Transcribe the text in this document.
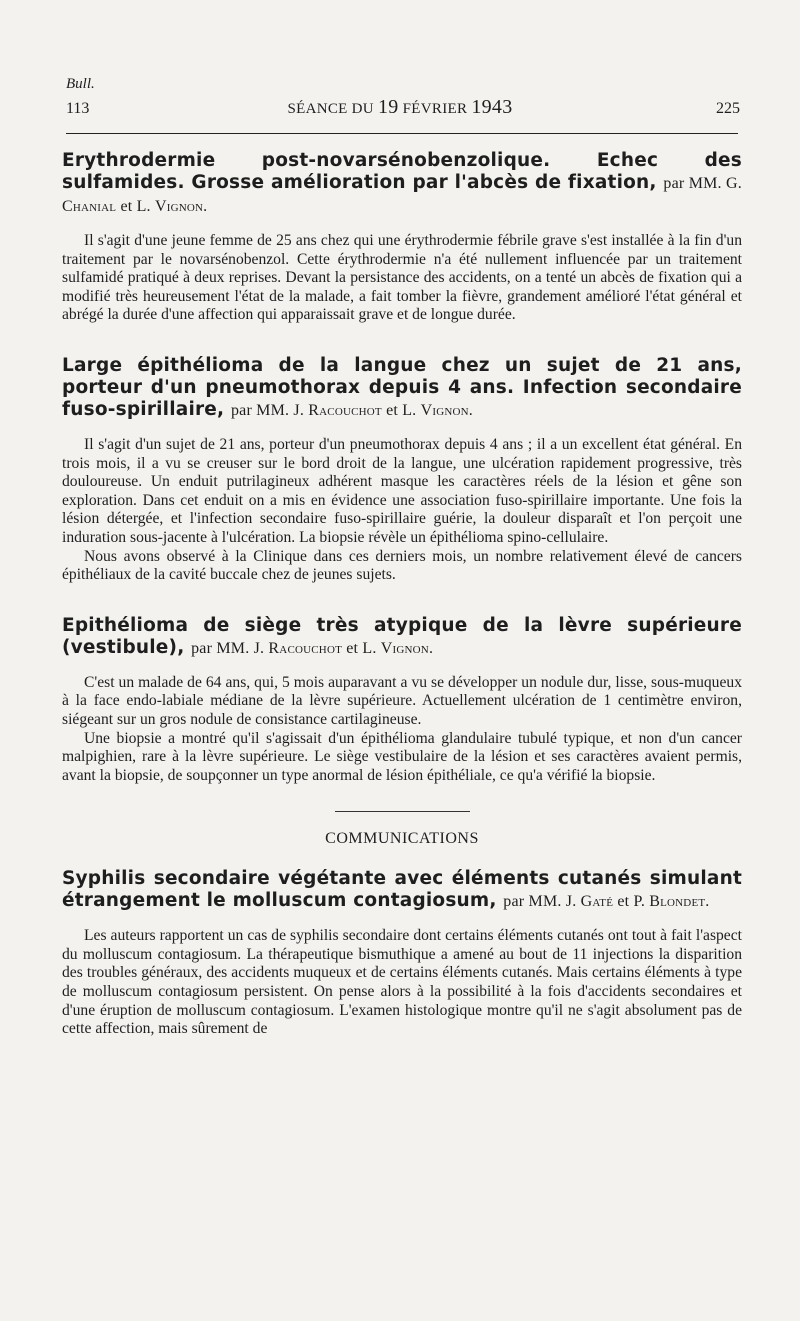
Bull.
113	SÉANCE DU 19 FÉVRIER 1943	225
Erythrodermie post-novarsénobenzolique. Echec des sulfamides. Grosse amélioration par l'abcès de fixation, par MM. G. Chanial et L. Vignon.

Il s'agit d'une jeune femme de 25 ans chez qui une érythrodermie fébrile grave s'est installée à la fin d'un traitement par le novarsénobenzol. Cette érythrodermie n'a été nullement influencée par un traitement sulfamidé pratiqué à deux reprises. Devant la persistance des accidents, on a tenté un abcès de fixation qui a modifié très heureusement l'état de la malade, a fait tomber la fièvre, grandement amélioré l'état général et abrégé la durée d'une affection qui apparaissait grave et de longue durée.

Large épithélioma de la langue chez un sujet de 21 ans, porteur d'un pneumothorax depuis 4 ans. Infection secondaire fuso-spirillaire, par MM. J. Racouchot et L. Vignon.

Il s'agit d'un sujet de 21 ans, porteur d'un pneumothorax depuis 4 ans ; il a un excellent état général. En trois mois, il a vu se creuser sur le bord droit de la langue, une ulcération rapidement progressive, très douloureuse. Un enduit putrilagineux adhérent masque les caractères réels de la lésion et gêne son exploration. Dans cet enduit on a mis en évidence une association fuso-spirillaire importante. Une fois la lésion détergée, et l'infection secondaire fuso-spirillaire guérie, la douleur disparaît et l'on perçoit une induration sous-jacente à l'ulcération. La biopsie révèle un épithélioma spino-cellulaire.

Nous avons observé à la Clinique dans ces derniers mois, un nombre relativement élevé de cancers épithéliaux de la cavité buccale chez de jeunes sujets.

Epithélioma de siège très atypique de la lèvre supérieure (vestibule), par MM. J. Racouchot et L. Vignon.

C'est un malade de 64 ans, qui, 5 mois auparavant a vu se développer un nodule dur, lisse, sous-muqueux à la face endo-labiale médiane de la lèvre supérieure. Actuellement ulcération de 1 centimètre environ, siégeant sur un gros nodule de consistance cartilagineuse.

Une biopsie a montré qu'il s'agissait d'un épithélioma glandulaire tubulé typique, et non d'un cancer malpighien, rare à la lèvre supérieure. Le siège vestibulaire de la lésion et ses caractères avaient permis, avant la biopsie, de soupçonner un type anormal de lésion épithéliale, ce qu'a vérifié la biopsie.

COMMUNICATIONS
Syphilis secondaire végétante avec éléments cutanés simulant étrangement le molluscum contagiosum, par MM. J. Gaté et P. Blondet.

Les auteurs rapportent un cas de syphilis secondaire dont certains éléments cutanés ont tout à fait l'aspect du molluscum contagiosum. La thérapeutique bismuthique a amené au bout de 11 injections la disparition des troubles généraux, des accidents muqueux et de certains éléments cutanés. Mais certains éléments à type de molluscum contagiosum persistent. On pense alors à la possibilité à la fois d'accidents secondaires et d'une éruption de molluscum contagiosum. L'examen histologique montre qu'il ne s'agit absolument pas de cette affection, mais sûrement de
